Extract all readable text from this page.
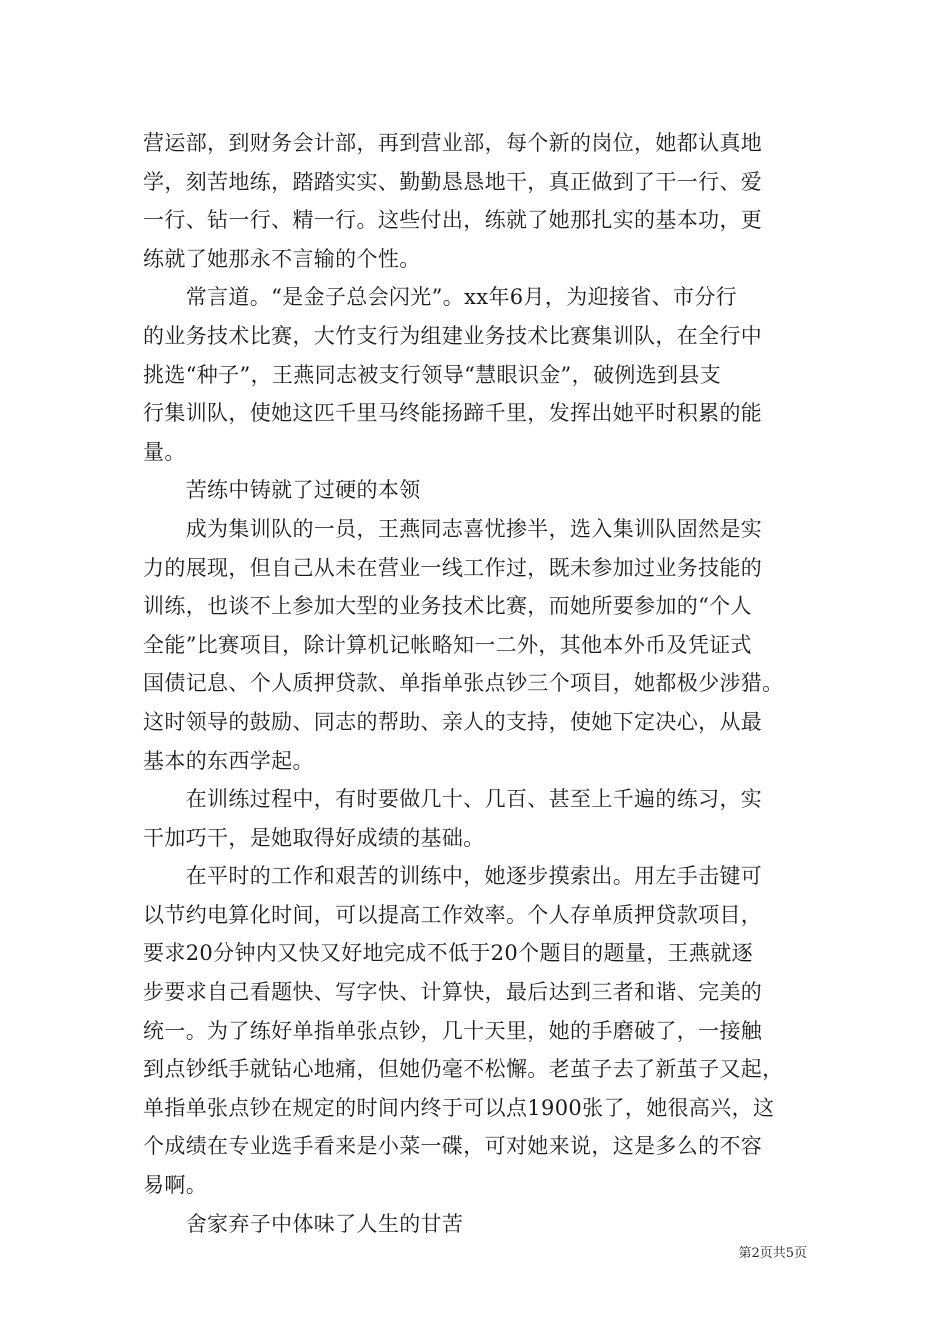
营运部，到财务会计部，再到营业部，每个新的岗位，她都认真地
学，刻苦地练，踏踏实实、勤勤恳恳地干，真正做到了干一行、爱
一行、钻一行、精一行。这些付出，练就了她那扎实的基本功，更
练就了她那永不言输的个性。
　　常言道。“是金子总会闪光”。xx年6月，为迎接省、市分行
的业务技术比赛，大竹支行为组建业务技术比赛集训队，在全行中
挑选“种子”，王燕同志被支行领导“慧眼识金”，破例选到县支
行集训队，使她这匹千里马终能扬蹄千里，发挥出她平时积累的能
量。
　　苦练中铸就了过硬的本领
　　成为集训队的一员，王燕同志喜忧掺半，选入集训队固然是实
力的展现，但自己从未在营业一线工作过，既未参加过业务技能的
训练，也谈不上参加大型的业务技术比赛，而她所要参加的“个人
全能”比赛项目，除计算机记帐略知一二外，其他本外币及凭证式
国债记息、个人质押贷款、单指单张点钞三个项目，她都极少涉猎。
这时领导的鼓励、同志的帮助、亲人的支持，使她下定决心，从最
基本的东西学起。
　　在训练过程中，有时要做几十、几百、甚至上千遍的练习，实
干加巧干，是她取得好成绩的基础。
　　在平时的工作和艰苦的训练中，她逐步摸索出。用左手击键可
以节约电算化时间，可以提高工作效率。个人存单质押贷款项目，
要求20分钟内又快又好地完成不低于20个题目的题量，王燕就逐
步要求自己看题快、写字快、计算快，最后达到三者和谐、完美的
统一。为了练好单指单张点钞，几十天里，她的手磨破了，一接触
到点钞纸手就钻心地痛，但她仍毫不松懈。老茧子去了新茧子又起，
单指单张点钞在规定的时间内终于可以点1900张了，她很高兴，这
个成绩在专业选手看来是小菜一碟，可对她来说，这是多么的不容
易啊。
　　舍家弃子中体味了人生的甘苦
第2页共5页
